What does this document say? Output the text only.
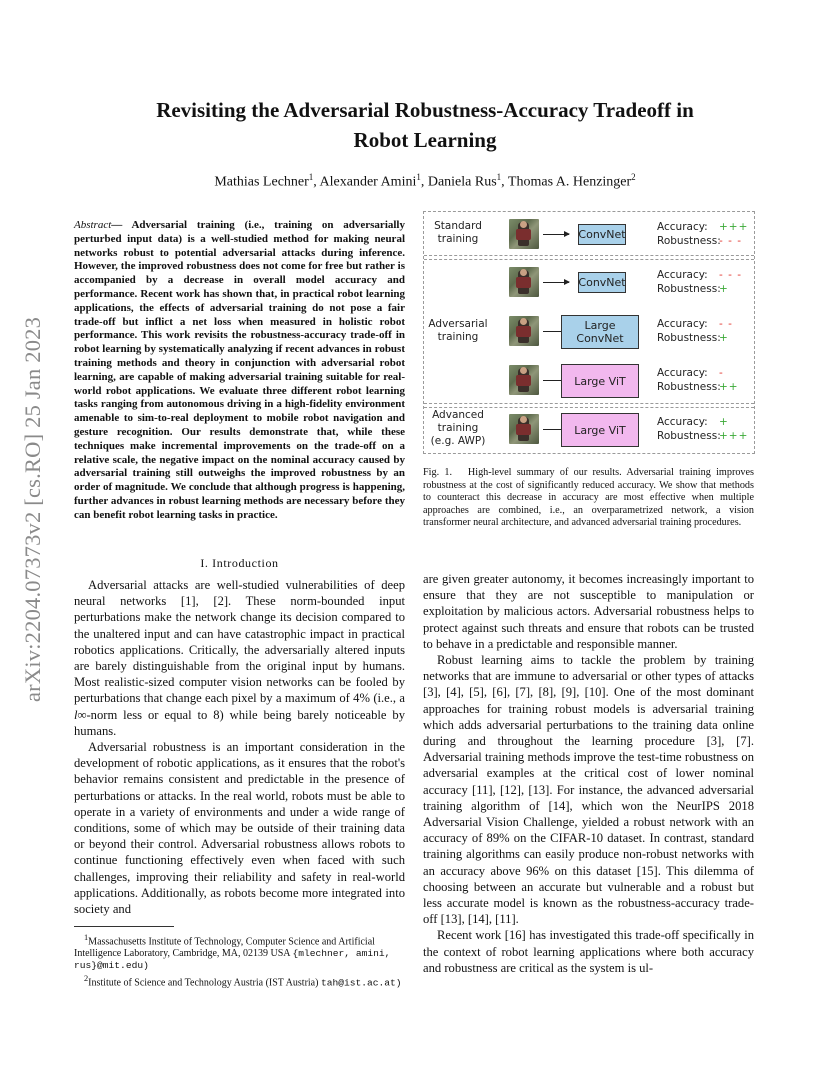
arXiv:2204.07373v2 [cs.RO] 25 Jan 2023
Revisiting the Adversarial Robustness-Accuracy Tradeoff in
Robot Learning
Mathias Lechner$^1$, Alexander Amini$^1$, Daniela Rus$^1$, Thomas A. Henzinger$^2$
Abstract— Adversarial training (i.e., training on adversarially perturbed input data) is a well-studied method for making neural networks robust to potential adversarial attacks during inference. However, the improved robustness does not come for free but rather is accompanied by a decrease in overall model accuracy and performance. Recent work has shown that, in practical robot learning applications, the effects of adversarial training do not pose a fair trade-off but inflict a net loss when measured in holistic robot performance. This work revisits the robustness-accuracy trade-off in robot learning by systematically analyzing if recent advances in robust training methods and theory in conjunction with adversarial robot learning, are capable of making adversarial training suitable for real-world robot applications. We evaluate three different robot learning tasks ranging from autonomous driving in a high-fidelity environment amenable to sim-to-real deployment to mobile robot navigation and gesture recognition. Our results demonstrate that, while these techniques make incremental improvements on the trade-off on a relative scale, the negative impact on the nominal accuracy caused by adversarial training still outweighs the improved robustness by an order of magnitude. We conclude that although progress is happening, further advances in robust learning methods are necessary before they can benefit robot learning tasks in practice.
I. Introduction

Adversarial attacks are well-studied vulnerabilities of deep neural networks [1], [2]. These norm-bounded input perturbations make the network change its decision compared to the unaltered input and can have catastrophic impact in practical robotics applications. Critically, the adversarially altered inputs are barely distinguishable from the original input by humans. Most realistic-sized computer vision networks can be fooled by perturbations that change each pixel by a maximum of 4% (i.e., a l∞-norm less or equal to 8) while being barely noticeable by humans.

Adversarial robustness is an important consideration in the development of robotic applications, as it ensures that the robot's behavior remains consistent and predictable in the presence of perturbations or attacks. In the real world, robots must be able to operate in a variety of environments and under a wide range of conditions, some of which may be outside of their training data or beyond their control. Adversarial robustness allows robots to continue functioning effectively even when faced with such challenges, improving their reliability and safety in real-world applications. Additionally, as robots become more integrated into society and

$^1$Massachusetts Institute of Technology, Computer Science and Artificial Intelligence Laboratory, Cambridge, MA, 02139 USA {mlechner, amini, rus}@mit.edu)

$^2$Institute of Science and Technology Austria (IST Austria) tah@ist.ac.at)

Standard
training
Adversarial
training
Advanced
training
(e.g. AWP)
ConvNet
Accuracy: +++
Robustness:- - -
ConvNet
Accuracy: - - -
Robustness:+
Large ConvNet
Accuracy: - -
Robustness:+
Large ViT
Accuracy: -
Robustness:++
Large ViT
Accuracy: +
Robustness:+++
Fig. 1. High-level summary of our results. Adversarial training improves robustness at the cost of significantly reduced accuracy. We show that methods to counteract this decrease in accuracy are most effective when multiple approaches are combined, i.e., an overparametrized network, a vision transformer neural architecture, and advanced adversarial training procedures.

are given greater autonomy, it becomes increasingly important to ensure that they are not susceptible to manipulation or exploitation by malicious actors. Adversarial robustness helps to protect against such threats and ensure that robots can be trusted to behave in a predictable and responsible manner.

Robust learning aims to tackle the problem by training networks that are immune to adversarial or other types of attacks [3], [4], [5], [6], [7], [8], [9], [10]. One of the most dominant approaches for training robust models is adversarial training which adds adversarial perturbations to the training data online during and throughout the learning procedure [3], [7]. Adversarial training methods improve the test-time robustness on adversarial examples at the critical cost of lower nominal accuracy [11], [12], [13]. For instance, the advanced adversarial training algorithm of [14], which won the NeurIPS 2018 Adversarial Vision Challenge, yielded a robust network with an accuracy of 89% on the CIFAR-10 dataset. In contrast, standard training algorithms can easily produce non-robust networks with an accuracy above 96% on this dataset [15]. This dilemma of choosing between an accurate but vulnerable and a robust but less accurate model is known as the robustness-accuracy trade-off [13], [14], [11].

Recent work [16] has investigated this trade-off specifically in the context of robot learning applications where both accuracy and robustness are critical as the system is ul-
